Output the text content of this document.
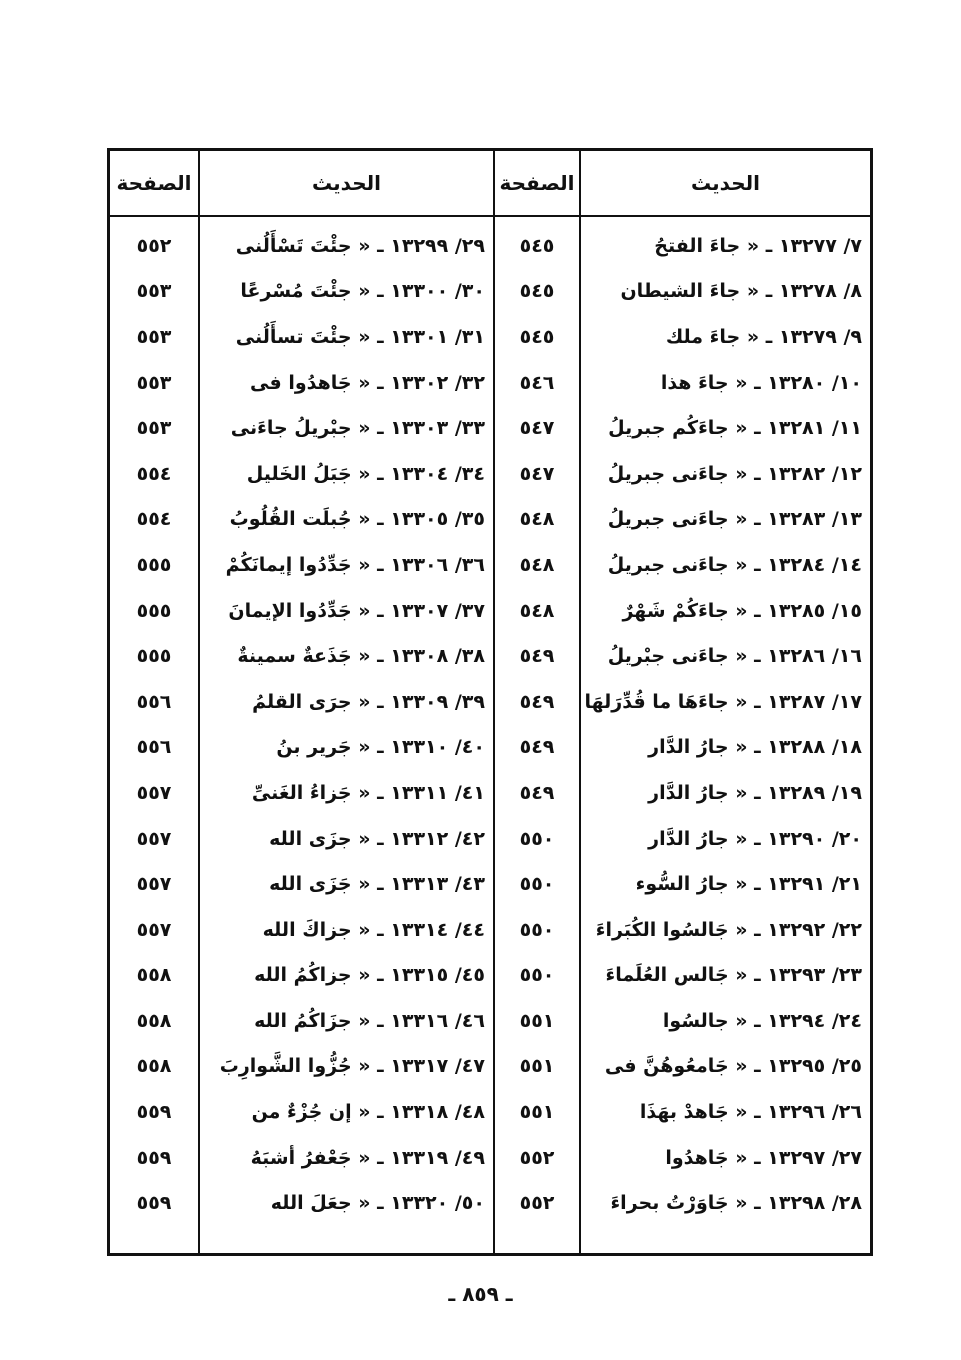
الصفحة
٥٥٢
٥٥٣
٥٥٣
٥٥٣
٥٥٣
٥٥٤
٥٥٤
٥٥٥
٥٥٥
٥٥٥
٥٥٦
٥٥٦
٥٥٧
٥٥٧
٥٥٧
٥٥٧
٥٥٨
٥٥٨
٥٥٨
٥٥٩
٥٥٩
٥٥٩
الحديث
٢٩/ ١٣٢٩٩ ـ « جئْتَ تَسْأَلُنى
٣٠/ ١٣٣٠٠ ـ « جئْتَ مُسْرعًا
٣١/ ١٣٣٠١ ـ « جئْتَ تسأَلُنى
٣٢/ ١٣٣٠٢ ـ « جَاهدُوا فى
٣٣/ ١٣٣٠٣ ـ « جبْريلُ جاءَنى
٣٤/ ١٣٣٠٤ ـ « جَبَلُ الخَليل
٣٥/ ١٣٣٠٥ ـ « جُبلَت القُلُوبُ
٣٦/ ١٣٣٠٦ ـ « جَدِّدُوا إيمانَكُمْ
٣٧/ ١٣٣٠٧ ـ « جَدِّدُوا الإيمانَ
٣٨/ ١٣٣٠٨ ـ « جَذَعةٌ سمينةٌ
٣٩/ ١٣٣٠٩ ـ « جرَى القلمُ
٤٠/ ١٣٣١٠ ـ « جَرير بنُ
٤١/ ١٣٣١١ ـ « جَزاءُ الغَنىِّ
٤٢/ ١٣٣١٢ ـ « جزَى الله
٤٣/ ١٣٣١٣ ـ « جَزَى الله
٤٤/ ١٣٣١٤ ـ « جزاكَ الله
٤٥/ ١٣٣١٥ ـ « جزاكُمُ الله
٤٦/ ١٣٣١٦ ـ « جزَاكُمُ الله
٤٧/ ١٣٣١٧ ـ « جُزُّوا الشَّوارِبَ
٤٨/ ١٣٣١٨ ـ « إن جُزْءٌ من
٤٩/ ١٣٣١٩ ـ « جَعْفرُ أشبَهُ
٥٠/ ١٣٣٢٠ ـ « جعَلَ الله
الصفحة
٥٤٥
٥٤٥
٥٤٥
٥٤٦
٥٤٧
٥٤٧
٥٤٨
٥٤٨
٥٤٨
٥٤٩
٥٤٩
٥٤٩
٥٤٩
٥٥٠
٥٥٠
٥٥٠
٥٥٠
٥٥١
٥٥١
٥٥١
٥٥٢
٥٥٢
الحديث
٧/ ١٣٢٧٧ ـ « جاءَ الفتحُ
٨/ ١٣٢٧٨ ـ « جاءَ الشيطان
٩/ ١٣٢٧٩ ـ « جاءَ ملك
١٠/ ١٣٢٨٠ ـ « جاءَ هذا
١١/ ١٣٢٨١ ـ « جاءَكُم جبريلُ
١٢/ ١٣٢٨٢ ـ « جاءَنى جبريلُ
١٣/ ١٣٢٨٣ ـ « جاءَنى جبريلُ
١٤/ ١٣٢٨٤ ـ « جاءَنى جبريلُ
١٥/ ١٣٢٨٥ ـ « جاءَكُمْ شَهْرٌ
١٦/ ١٣٢٨٦ ـ « جاءَنى جبْريلُ
١٧/ ١٣٢٨٧ ـ « جاءَهَا ما قُدِّرَلهَا
١٨/ ١٣٢٨٨ ـ « جارُ الدَّار
١٩/ ١٣٢٨٩ ـ « جارُ الدَّار
٢٠/ ١٣٢٩٠ ـ « جارُ الدَّار
٢١/ ١٣٢٩١ ـ « جارُ السُّوء
٢٢/ ١٣٢٩٢ ـ « جَالسُوا الكُبَراءَ
٢٣/ ١٣٢٩٣ ـ « جَالس العُلَماءَ
٢٤/ ١٣٢٩٤ ـ « جالسُوا
٢٥/ ١٣٢٩٥ ـ « جَامعُوهُنَّ فى
٢٦/ ١٣٢٩٦ ـ « جَاهدْ بهَذَا
٢٧/ ١٣٢٩٧ ـ « جَاهدُوا
٢٨/ ١٣٢٩٨ ـ « جَاوَرْتُ بحراءَ
ـ ٨٥٩ ـ
